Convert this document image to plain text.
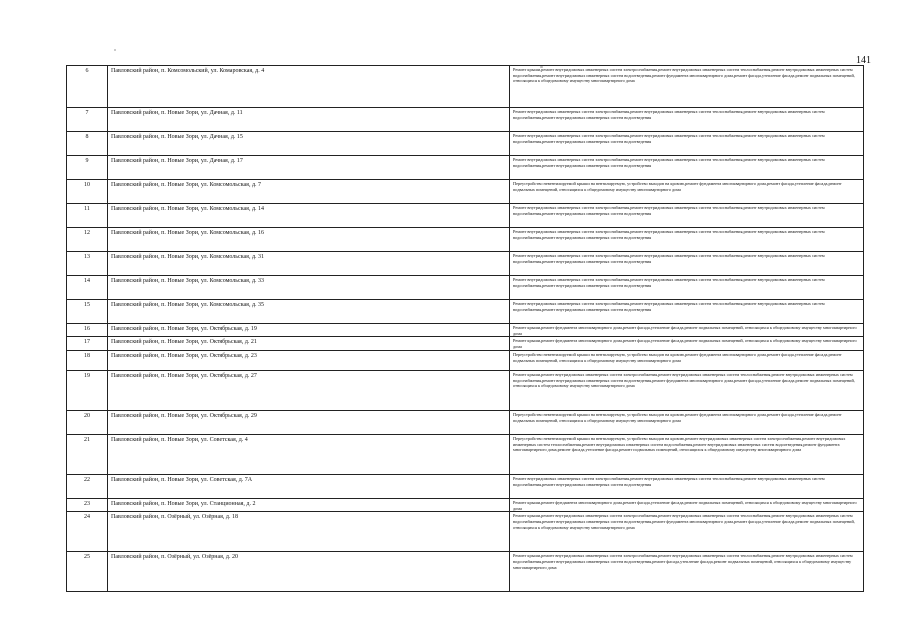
141
6	Павловский район, п. Комсомольский, ул. Комаровская, д. 4	Ремонт крыши,ремонт внутридомовых инженерных систем электроснабжения,ремонт внутридомовых инженерных систем теплоснабжения,ремонт внутридомовых инженерных систем водоснабжения,ремонт внутридомовых инженерных систем водоотведения,ремонт фундамента многоквартирного дома,ремонт фасада,утепление фасада,ремонт подвальных помещений, относящихся к общедомовому имуществу многоквартирного дома
7	Павловский район, п. Новые Зори, ул. Дачная, д. 11	Ремонт внутридомовых инженерных систем электроснабжения,ремонт внутридомовых инженерных систем теплоснабжения,ремонт внутридомовых инженерных систем водоснабжения,ремонт внутридомовых инженерных систем водоотведения
8	Павловский район, п. Новые Зори, ул. Дачная, д. 15	Ремонт внутридомовых инженерных систем электроснабжения,ремонт внутридомовых инженерных систем теплоснабжения,ремонт внутридомовых инженерных систем водоснабжения,ремонт внутридомовых инженерных систем водоотведения
9	Павловский район, п. Новые Зори, ул. Дачная, д. 17	Ремонт внутридомовых инженерных систем электроснабжения,ремонт внутридомовых инженерных систем теплоснабжения,ремонт внутридомовых инженерных систем водоснабжения,ремонт внутридомовых инженерных систем водоотведения
10	Павловский район, п. Новые Зори, ул. Комсомольская, д. 7	Переустройство невентилируемой крыши на вентилируемую, устройство выходов на кровлю,ремонт фундамента многоквартирного дома,ремонт фасада,утепление фасада,ремонт подвальных помещений, относящихся к общедомовому имуществу многоквартирного дома
11	Павловский район, п. Новые Зори, ул. Комсомольская, д. 14	Ремонт внутридомовых инженерных систем электроснабжения,ремонт внутридомовых инженерных систем теплоснабжения,ремонт внутридомовых инженерных систем водоснабжения,ремонт внутридомовых инженерных систем водоотведения
12	Павловский район, п. Новые Зори, ул. Комсомольская, д. 16	Ремонт внутридомовых инженерных систем электроснабжения,ремонт внутридомовых инженерных систем теплоснабжения,ремонт внутридомовых инженерных систем водоснабжения,ремонт внутридомовых инженерных систем водоотведения
13	Павловский район, п. Новые Зори, ул. Комсомольская, д. 31	Ремонт внутридомовых инженерных систем электроснабжения,ремонт внутридомовых инженерных систем теплоснабжения,ремонт внутридомовых инженерных систем водоснабжения,ремонт внутридомовых инженерных систем водоотведения
14	Павловский район, п. Новые Зори, ул. Комсомольская, д. 33	Ремонт внутридомовых инженерных систем электроснабжения,ремонт внутридомовых инженерных систем теплоснабжения,ремонт внутридомовых инженерных систем водоснабжения,ремонт внутридомовых инженерных систем водоотведения
15	Павловский район, п. Новые Зори, ул. Комсомольская, д. 35	Ремонт внутридомовых инженерных систем электроснабжения,ремонт внутридомовых инженерных систем теплоснабжения,ремонт внутридомовых инженерных систем водоснабжения,ремонт внутридомовых инженерных систем водоотведения
16	Павловский район, п. Новые Зори, ул. Октябрьская, д. 19	Ремонт крыши,ремонт фундамента многоквартирного дома,ремонт фасада,утепление фасада,ремонт подвальных помещений, относящихся к общедомовому имуществу многоквартирного дома
17	Павловский район, п. Новые Зори, ул. Октябрьская, д. 21	Ремонт крыши,ремонт фундамента многоквартирного дома,ремонт фасада,утепление фасада,ремонт подвальных помещений, относящихся к общедомовому имуществу многоквартирного дома
18	Павловский район, п. Новые Зори, ул. Октябрьская, д. 23	Переустройство невентилируемой крыши на вентилируемую, устройство выходов на кровлю,ремонт фундамента многоквартирного дома,ремонт фасада,утепление фасада,ремонт подвальных помещений, относящихся к общедомовому имуществу многоквартирного дома
19	Павловский район, п. Новые Зори, ул. Октябрьская, д. 27	Ремонт крыши,ремонт внутридомовых инженерных систем электроснабжения,ремонт внутридомовых инженерных систем теплоснабжения,ремонт внутридомовых инженерных систем водоснабжения,ремонт внутридомовых инженерных систем водоотведения,ремонт фундамента многоквартирного дома,ремонт фасада,утепление фасада,ремонт подвальных помещений, относящихся к общедомовому имуществу многоквартирного дома
20	Павловский район, п. Новые Зори, ул. Октябрьская, д. 29	Переустройство невентилируемой крыши на вентилируемую, устройство выходов на кровлю,ремонт фундамента многоквартирного дома,ремонт фасада,утепление фасада,ремонт подвальных помещений, относящихся к общедомовому имуществу многоквартирного дома
21	Павловский район, п. Новые Зори, ул. Советская, д. 4	Переустройство невентилируемой крыши на вентилируемую, устройство выходов на кровлю,ремонт внутридомовых инженерных систем электроснабжения,ремонт внутридомовых инженерных систем теплоснабжения,ремонт внутридомовых инженерных систем водоснабжения,ремонт внутридомовых инженерных систем водоотведения,ремонт фундамента многоквартирного дома,ремонт фасада,утепление фасада,ремонт подвальных помещений, относящихся к общедомовому имуществу многоквартирного дома
22	Павловский район, п. Новые Зори, ул. Советская, д. 7А	Ремонт внутридомовых инженерных систем электроснабжения,ремонт внутридомовых инженерных систем теплоснабжения,ремонт внутридомовых инженерных систем водоснабжения,ремонт внутридомовых инженерных систем водоотведения
23	Павловский район, п. Новые Зори, ул. Станционная, д. 2	Ремонт крыши,ремонт фундамента многоквартирного дома,ремонт фасада,утепление фасада,ремонт подвальных помещений, относящихся к общедомовому имуществу многоквартирного дома
24	Павловский район, п. Озёрный, ул. Озёрная, д. 18	Ремонт крыши,ремонт внутридомовых инженерных систем электроснабжения,ремонт внутридомовых инженерных систем теплоснабжения,ремонт внутридомовых инженерных систем водоснабжения,ремонт внутридомовых инженерных систем водоотведения,ремонт фундамента многоквартирного дома,ремонт фасада,утепление фасада,ремонт подвальных помещений, относящихся к общедомовому имуществу многоквартирного дома
25	Павловский район, п. Озёрный, ул. Озёрная, д. 20	Ремонт крыши,ремонт внутридомовых инженерных систем электроснабжения,ремонт внутридомовых инженерных систем теплоснабжения,ремонт внутридомовых инженерных систем водоснабжения,ремонт внутридомовых инженерных систем водоотведения,ремонт фасада,утепление фасада,ремонт подвальных помещений, относящихся к общедомовому имуществу многоквартирного дома
